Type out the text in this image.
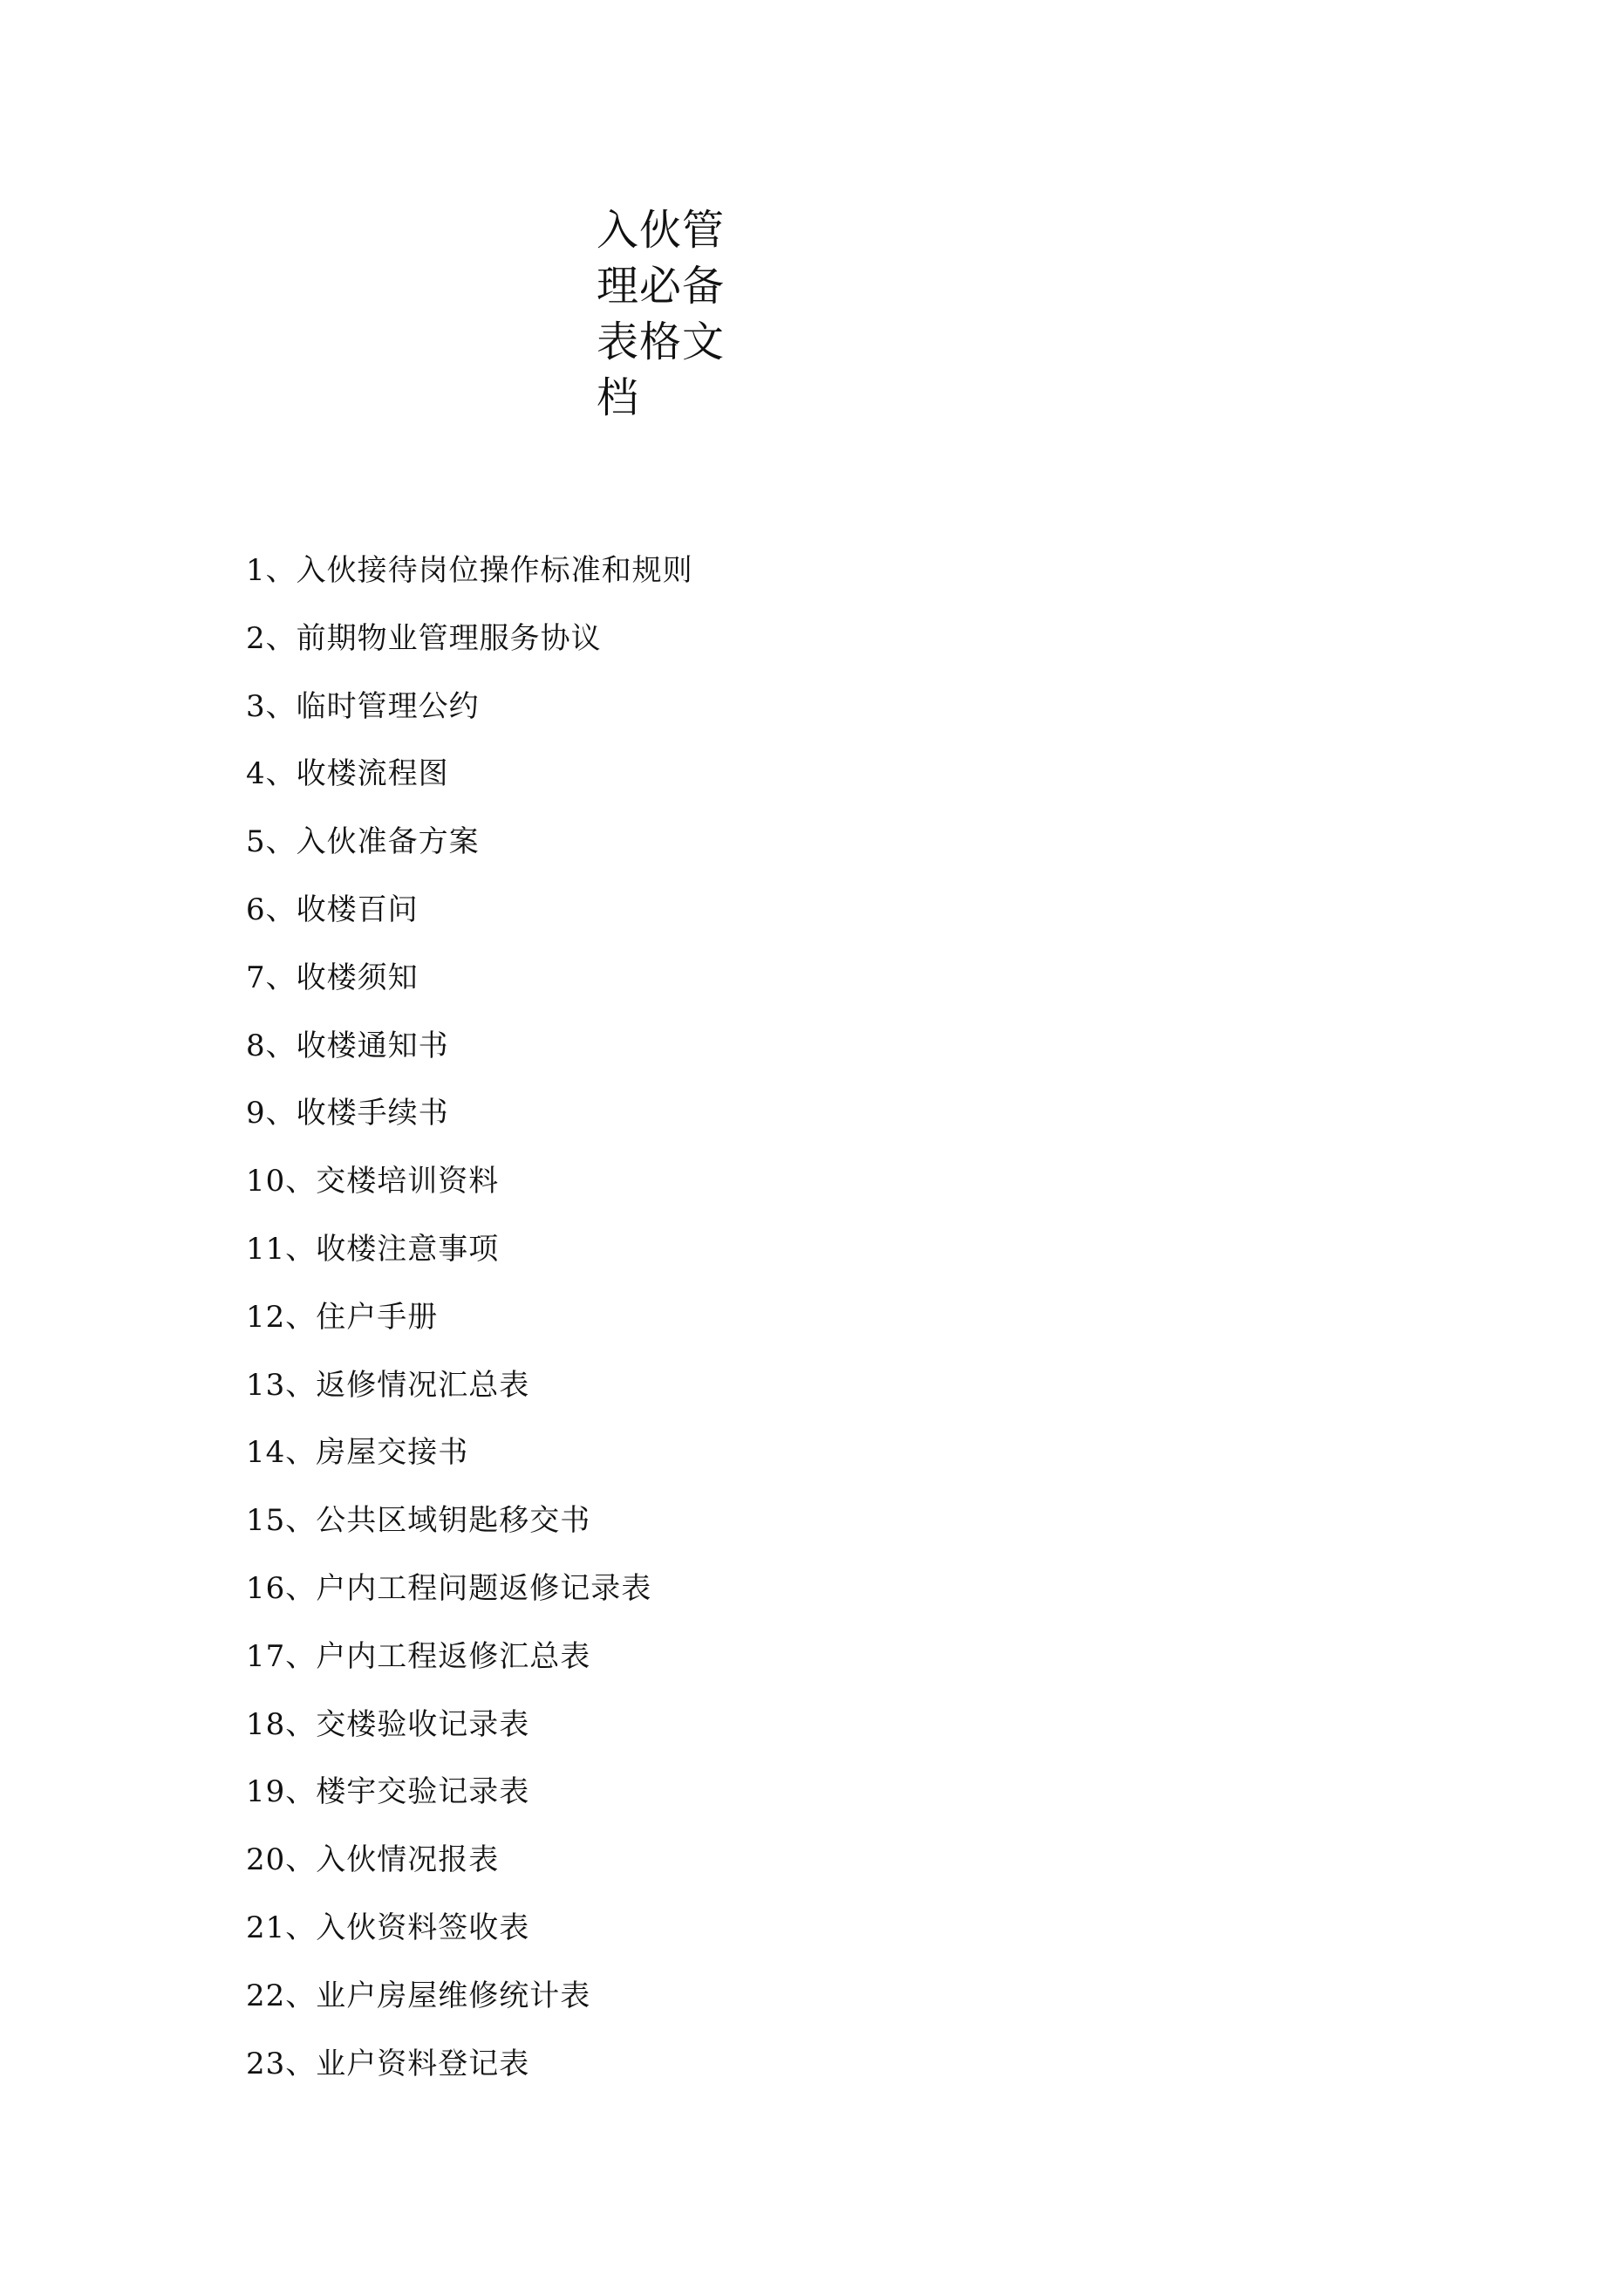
入伙管
理必备
表格文
档
1、入伙接待岗位操作标准和规则
2、前期物业管理服务协议
3、临时管理公约
4、收楼流程图
5、入伙准备方案
6、收楼百问
7、收楼须知
8、收楼通知书
9、收楼手续书
10、交楼培训资料
11、收楼注意事项
12、住户手册
13、返修情况汇总表
14、房屋交接书
15、公共区域钥匙移交书
16、户内工程问题返修记录表
17、户内工程返修汇总表
18、交楼验收记录表
19、楼宇交验记录表
20、入伙情况报表
21、入伙资料签收表
22、业户房屋维修统计表
23、业户资料登记表
